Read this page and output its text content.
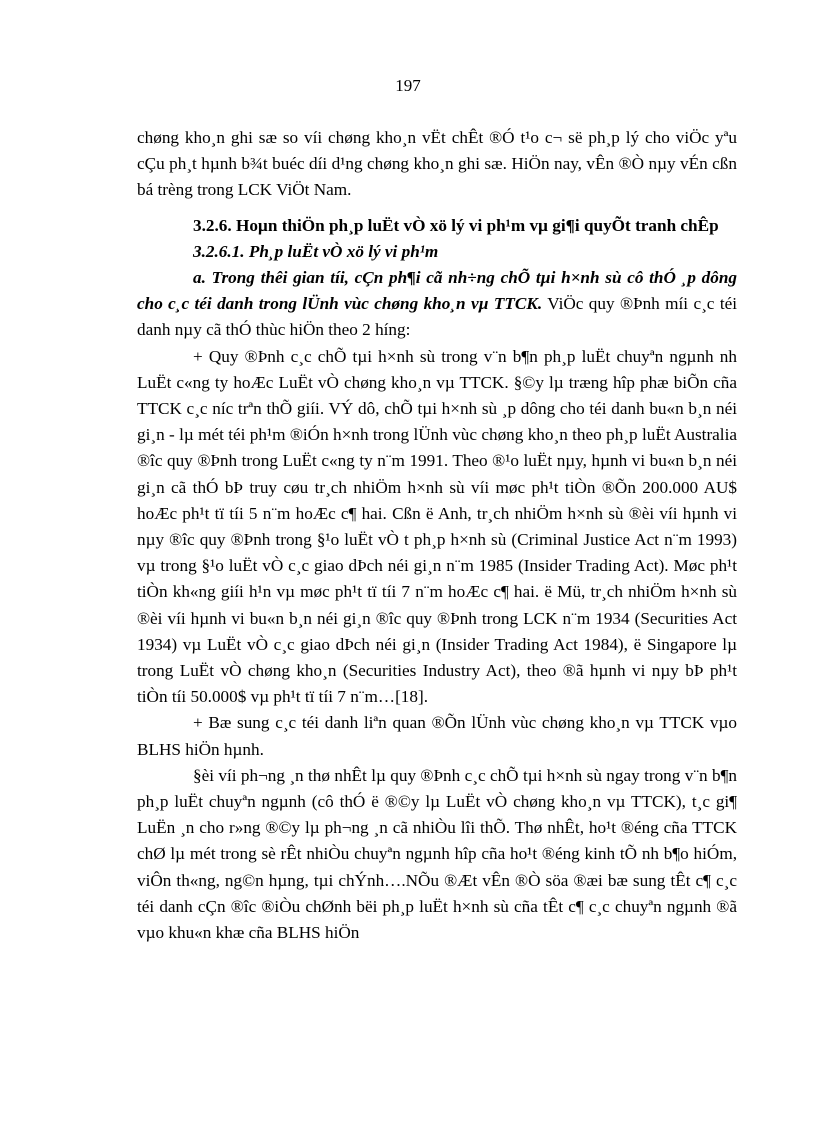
197

chøng kho¸n ghi sæ so víi chøng kho¸n vËt chÊt ®Ó t¹o c¬ së ph¸p lý cho viÖc yªu cÇu ph¸t hµnh b¾t buéc díi d¹ng chøng kho¸n ghi sæ. HiÖn nay, vÊn ®Ò nµy vÉn cßn bá trèng trong LCK ViÖt Nam.

3.2.6. Hoµn thiÖn ph¸p luËt vÒ xö lý vi ph¹m vµ gi¶i quyÕt tranh chÊp

3.2.6.1. Ph¸p luËt vÒ xö lý vi ph¹m

a. Trong thêi gian tíi, cÇn ph¶i cã nh÷ng chÕ tµi h×nh sù cô thÓ ¸p dông cho c¸c téi danh trong lÜnh vùc chøng kho¸n vµ TTCK. ViÖc quy ®Þnh míi c¸c téi danh nµy cã thÓ thùc hiÖn theo 2 híng:

+ Quy ®Þnh c¸c chÕ tµi h×nh sù trong v¨n b¶n ph¸p luËt chuyªn ngµnh nh LuËt c«ng ty hoÆc LuËt vÒ chøng kho¸n vµ TTCK. §©y lµ træng hîp phæ biÕn cña TTCK c¸c níc trªn thÕ giíi. VÝ dô, chÕ tµi h×nh sù ¸p dông cho téi danh bu«n b¸n néi gi¸n - lµ mét téi ph¹m ®iÓn h×nh trong lÜnh vùc chøng kho¸n theo ph¸p luËt Australia ®îc quy ®Þnh trong LuËt c«ng ty n¨m 1991. Theo ®¹o luËt nµy, hµnh vi bu«n b¸n néi gi¸n cã thÓ bÞ truy cøu tr¸ch nhiÖm h×nh sù víi møc ph¹t tiÒn ®Õn 200.000 AU$ hoÆc ph¹t tï tíi 5 n¨m hoÆc c¶ hai. Cßn ë Anh, tr¸ch nhiÖm h×nh sù ®èi víi hµnh vi nµy ®îc quy ®Þnh trong §¹o luËt vÒ t ph¸p h×nh sù (Criminal Justice Act n¨m 1993) vµ trong §¹o luËt vÒ c¸c giao dÞch néi gi¸n n¨m 1985 (Insider Trading Act). Møc ph¹t tiÒn kh«ng giíi h¹n vµ møc ph¹t tï tíi 7 n¨m hoÆc c¶ hai. ë Mü, tr¸ch nhiÖm h×nh sù ®èi víi hµnh vi bu«n b¸n néi gi¸n ®îc quy ®Þnh trong LCK n¨m 1934 (Securities Act 1934) vµ LuËt vÒ c¸c giao dÞch néi gi¸n (Insider Trading Act 1984), ë Singapore lµ trong LuËt vÒ chøng kho¸n (Securities Industry Act), theo ®ã hµnh vi nµy bÞ ph¹t tiÒn tíi 50.000$ vµ ph¹t tï tíi 7 n¨m…[18].

+ Bæ sung c¸c téi danh liªn quan ®Õn lÜnh vùc chøng kho¸n vµ TTCK vµo BLHS hiÖn hµnh.

§èi víi ph¬ng ¸n thø nhÊt lµ quy ®Þnh c¸c chÕ tµi h×nh sù ngay trong v¨n b¶n ph¸p luËt chuyªn ngµnh (cô thÓ ë ®©y lµ LuËt vÒ chøng kho¸n vµ TTCK), t¸c gi¶ LuËn ¸n cho r»ng ®©y lµ ph¬ng ¸n cã nhiÒu lîi thÕ. Thø nhÊt, ho¹t ®éng cña TTCK chØ lµ mét trong sè rÊt nhiÒu chuyªn ngµnh hîp cña ho¹t ®éng kinh tÕ nh b¶o hiÓm, viÔn th«ng, ng©n hµng, tµi chÝnh….NÕu ®Æt vÊn ®Ò söa ®æi bæ sung tÊt c¶ c¸c téi danh cÇn ®îc ®iÒu chØnh bëi ph¸p luËt h×nh sù cña tÊt c¶ c¸c chuyªn ngµnh ®ã vµo khu«n khæ cña BLHS hiÖn
